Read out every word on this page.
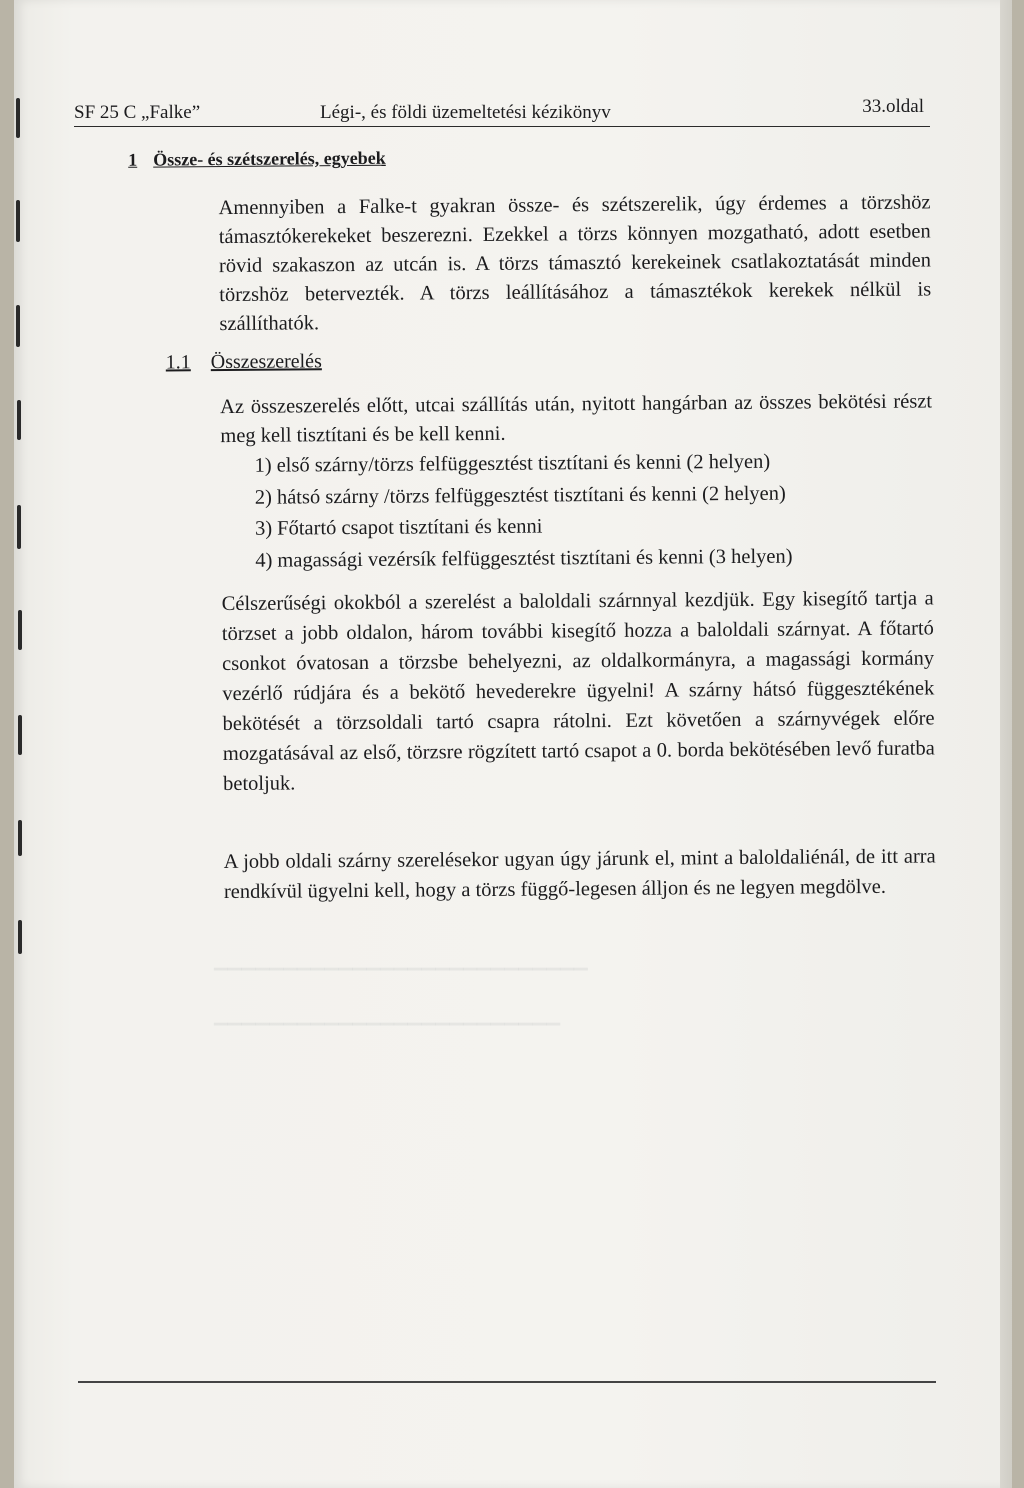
▁▁▁▁▁▁▁▁▁▁▁▁▁▁▁▁▁▁▁▁▁▁▁▁▁▁▁
▁▁▁▁▁▁▁▁▁▁▁▁▁▁▁▁▁▁▁▁▁▁▁▁▁
SF 25 C „Falke”	Légi-, és földi üzemeltetési kézikönyv	33.oldal
1 Össze- és szétszerelés, egyebek
Amennyiben a Falke-t gyakran össze- és szétszerelik, úgy érdemes a törzshöz támasztókerekeket beszerezni. Ezekkel a törzs könnyen mozgatható, adott esetben rövid szakaszon az utcán is. A törzs támasztó kerekeinek csatlakoztatását minden törzshöz betervezték. A törzs leállításához a támasztékok kerekek nélkül is szállíthatók.
1.1 Összeszerelés
Az összeszerelés előtt, utcai szállítás után, nyitott hangárban az összes bekötési részt meg kell tisztítani és be kell kenni.
1) első szárny/törzs felfüggesztést tisztítani és kenni (2 helyen)
2) hátsó szárny /törzs felfüggesztést tisztítani és kenni (2 helyen)
3) Főtartó csapot tisztítani és kenni
4) magassági vezérsík felfüggesztést tisztítani és kenni (3 helyen)
Célszerűségi okokból a szerelést a baloldali szárnnyal kezdjük. Egy kisegítő tartja a törzset a jobb oldalon, három további kisegítő hozza a baloldali szárnyat. A főtartó csonkot óvatosan a törzsbe behelyezni, az oldalkormányra, a magassági kormány vezérlő rúdjára és a bekötő hevederekre ügyelni! A szárny hátsó függesztékének bekötését a törzsoldali tartó csapra rátolni. Ezt követően a szárnyvégek előre mozgatásával az első, törzsre rögzített tartó csapot a 0. borda bekötésében levő furatba betoljuk.
A jobb oldali szárny szerelésekor ugyan úgy járunk el, mint a baloldaliénál, de itt arra rendkívül ügyelni kell, hogy a törzs függő-legesen álljon és ne legyen megdölve.
